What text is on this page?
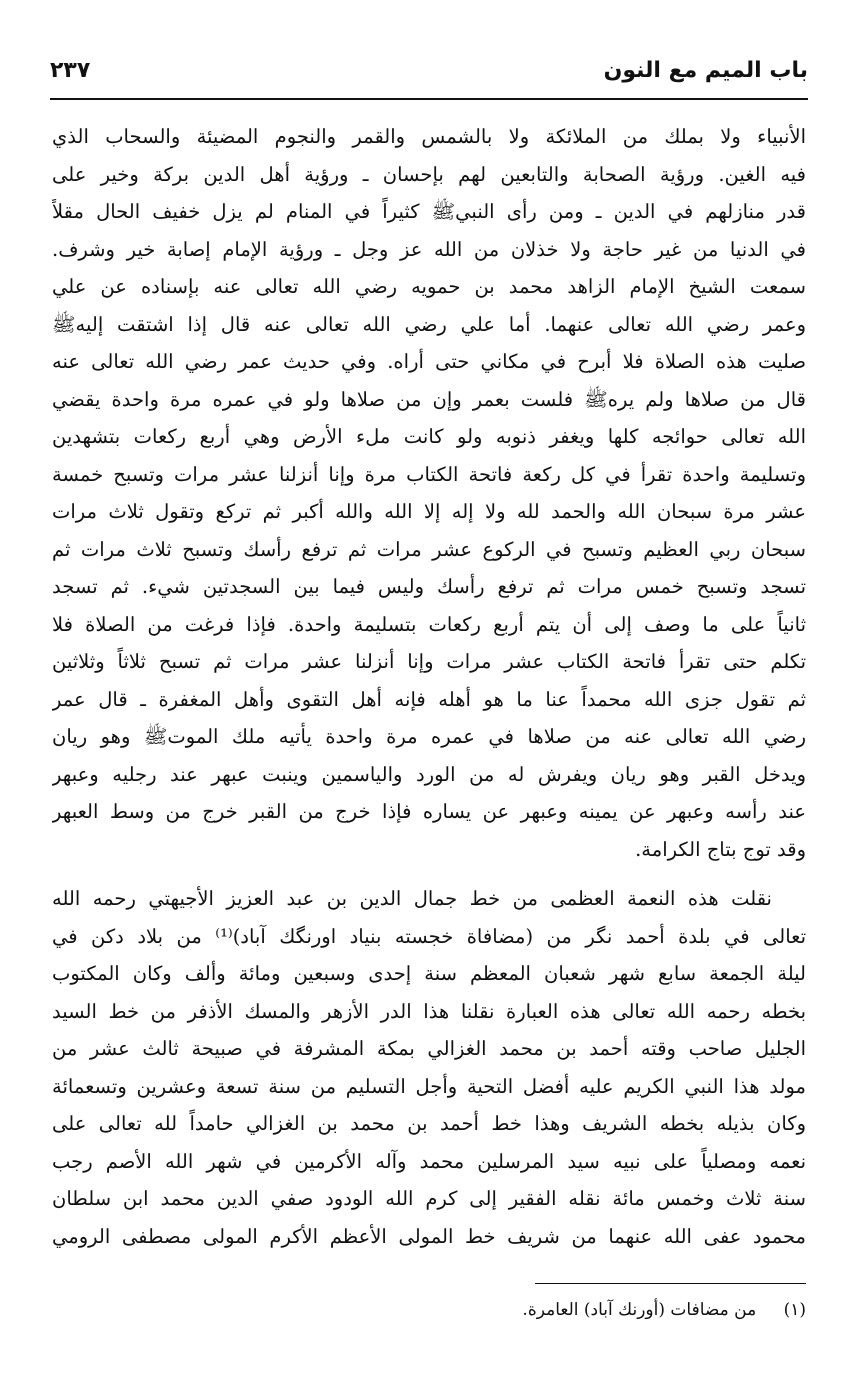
باب الميم مع النون
٢٣٧
الأنبياء ولا بملك من الملائكة ولا بالشمس والقمر والنجوم المضيئة والسحاب الذي
فيه الغين. ورؤية الصحابة والتابعين لهم بإحسان ـ ورؤية أهل الدين بركة وخير على
قدر منازلهم في الدين ـ ومن رأى النبيﷺ كثيراً في المنام لم يزل خفيف الحال مقلاً
في الدنيا من غير حاجة ولا خذلان من الله عز وجل ـ ورؤية الإمام إصابة خير وشرف.
سمعت الشيخ الإمام الزاهد محمد بن حمويه رضي الله تعالى عنه بإسناده عن علي
وعمر رضي الله تعالى عنهما. أما علي رضي الله تعالى عنه قال إذا اشتقت إليهﷺ
صليت هذه الصلاة فلا أبرح في مكاني حتى أراه. وفي حديث عمر رضي الله تعالى عنه
قال من صلاها ولم يرهﷺ فلست بعمر وإن من صلاها ولو في عمره مرة واحدة يقضي
الله تعالى حوائجه كلها ويغفر ذنوبه ولو كانت ملء الأرض وهي أربع ركعات بتشهدين
وتسليمة واحدة تقرأ في كل ركعة فاتحة الكتاب مرة وإنا أنزلنا عشر مرات وتسبح خمسة
عشر مرة سبحان الله والحمد لله ولا إله إلا الله والله أكبر ثم تركع وتقول ثلاث مرات
سبحان ربي العظيم وتسبح في الركوع عشر مرات ثم ترفع رأسك وتسبح ثلاث مرات ثم
تسجد وتسبح خمس مرات ثم ترفع رأسك وليس فيما بين السجدتين شيء. ثم تسجد
ثانياً على ما وصف إلى أن يتم أربع ركعات بتسليمة واحدة. فإذا فرغت من الصلاة فلا
تكلم حتى تقرأ فاتحة الكتاب عشر مرات وإنا أنزلنا عشر مرات ثم تسبح ثلاثاً وثلاثين
ثم تقول جزى الله محمداً عنا ما هو أهله فإنه أهل التقوى وأهل المغفرة ـ قال عمر
رضي الله تعالى عنه من صلاها في عمره مرة واحدة يأتيه ملك الموتﷺ وهو ريان
ويدخل القبر وهو ريان ويفرش له من الورد والياسمين وينبت عبهر عند رجليه وعبهر
عند رأسه وعبهر عن يمينه وعبهر عن يساره فإذا خرج من القبر خرج من وسط العبهر
وقد توج بتاج الكرامة.
نقلت هذه النعمة العظمى من خط جمال الدين بن عبد العزيز الأجيهتي رحمه الله
تعالى في بلدة أحمد نگر من (مضافاة خجسته بنياد اورنگك آباد)⁽¹⁾ من بلاد دكن في
ليلة الجمعة سابع شهر شعبان المعظم سنة إحدى وسبعين ومائة وألف وكان المكتوب
بخطه رحمه الله تعالى هذه العبارة نقلنا هذا الدر الأزهر والمسك الأذفر من خط السيد
الجليل صاحب وقته أحمد بن محمد الغزالي بمكة المشرفة في صبيحة ثالث عشر من
مولد هذا النبي الكريم عليه أفضل التحية وأجل التسليم من سنة تسعة وعشرين وتسعمائة
وكان بذيله بخطه الشريف وهذا خط أحمد بن محمد بن الغزالي حامداً لله تعالى على
نعمه ومصلياً على نبيه سيد المرسلين محمد وآله الأكرمين في شهر الله الأصم رجب
سنة ثلاث وخمس مائة نقله الفقير إلى كرم الله الودود صفي الدين محمد ابن سلطان
محمود عفى الله عنهما من شريف خط المولى الأعظم الأكرم المولى مصطفى الرومي
(١) من مضافات (أورنك آباد) العامرة.
